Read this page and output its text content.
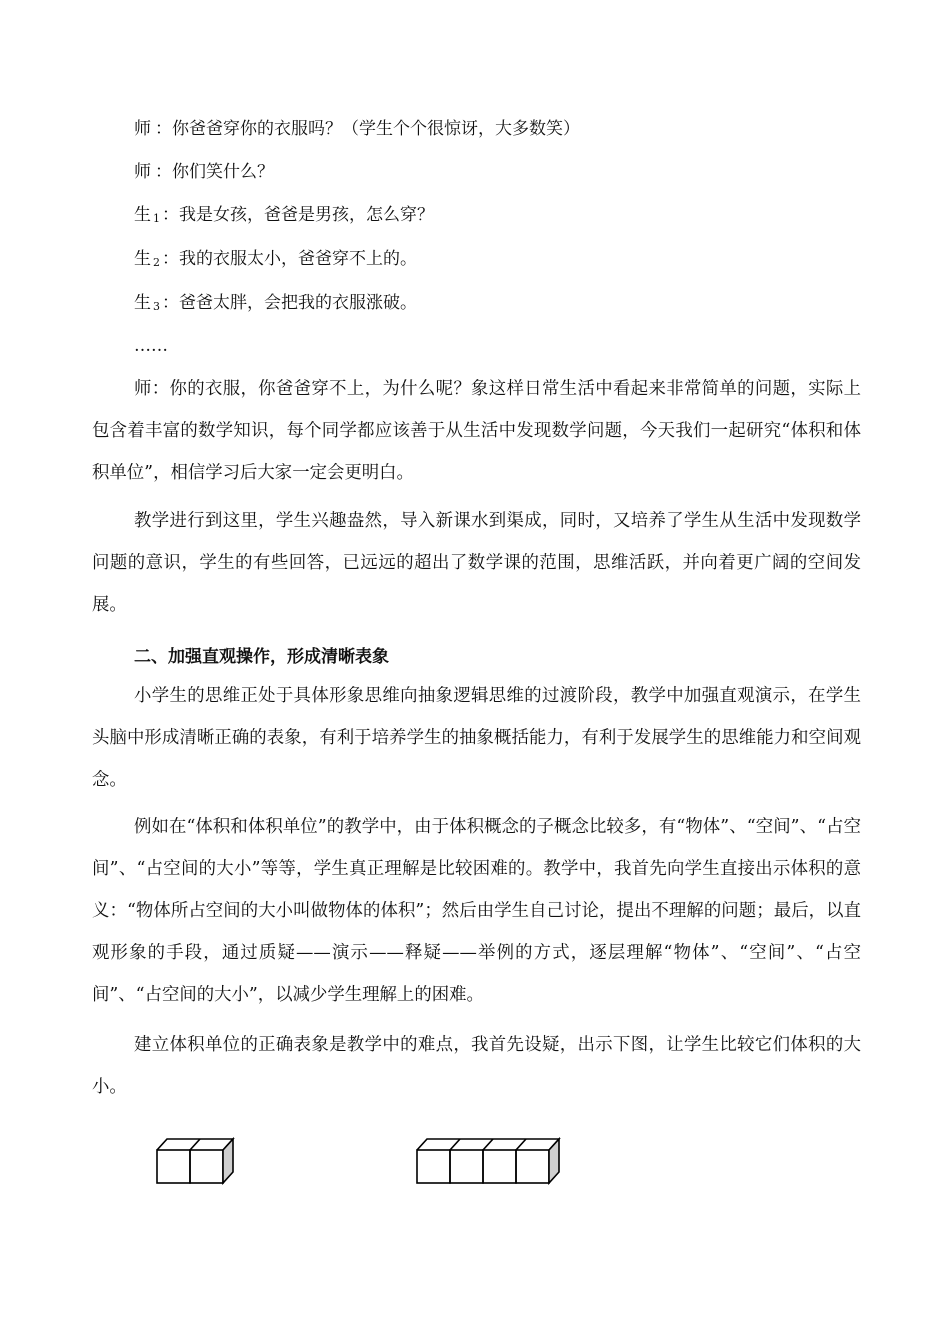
师 ：你爸爸穿你的衣服吗？（学生个个很惊讶，大多数笑）
师 ：你们笑什么？
生 1 ：我是女孩，爸爸是男孩，怎么穿？
生 2 ：我的衣服太小，爸爸穿不上的。
生 3 ：爸爸太胖，会把我的衣服涨破。
……
师：你的衣服，你爸爸穿不上，为什么呢？象这样日常生活中看起来非常简单的问题，实际上包含着丰富的数学知识，每个同学都应该善于从生活中发现数学问题，今天我们一起研究“体积和体积单位”，相信学习后大家一定会更明白。
教学进行到这里，学生兴趣盎然，导入新课水到渠成，同时，又培养了学生从生活中发现数学问题的意识，学生的有些回答，已远远的超出了数学课的范围，思维活跃，并向着更广阔的空间发展。
二、加强直观操作，形成清晰表象
小学生的思维正处于具体形象思维向抽象逻辑思维的过渡阶段，教学中加强直观演示，在学生头脑中形成清晰正确的表象，有利于培养学生的抽象概括能力，有利于发展学生的思维能力和空间观念。
例如在“体积和体积单位”的教学中，由于体积概念的子概念比较多，有“物体”、“空间”、“占空间”、“占空间的大小”等等，学生真正理解是比较困难的。教学中，我首先向学生直接出示体积的意义：“物体所占空间的大小叫做物体的体积”；然后由学生自己讨论，提出不理解的问题；最后，以直观形象的手段，通过质疑——演示——释疑——举例的方式，逐层理解“物体”、“空间”、“占空间”、“占空间的大小”，以减少学生理解上的困难。
建立体积单位的正确表象是教学中的难点，我首先设疑，出示下图，让学生比较它们体积的大小。
